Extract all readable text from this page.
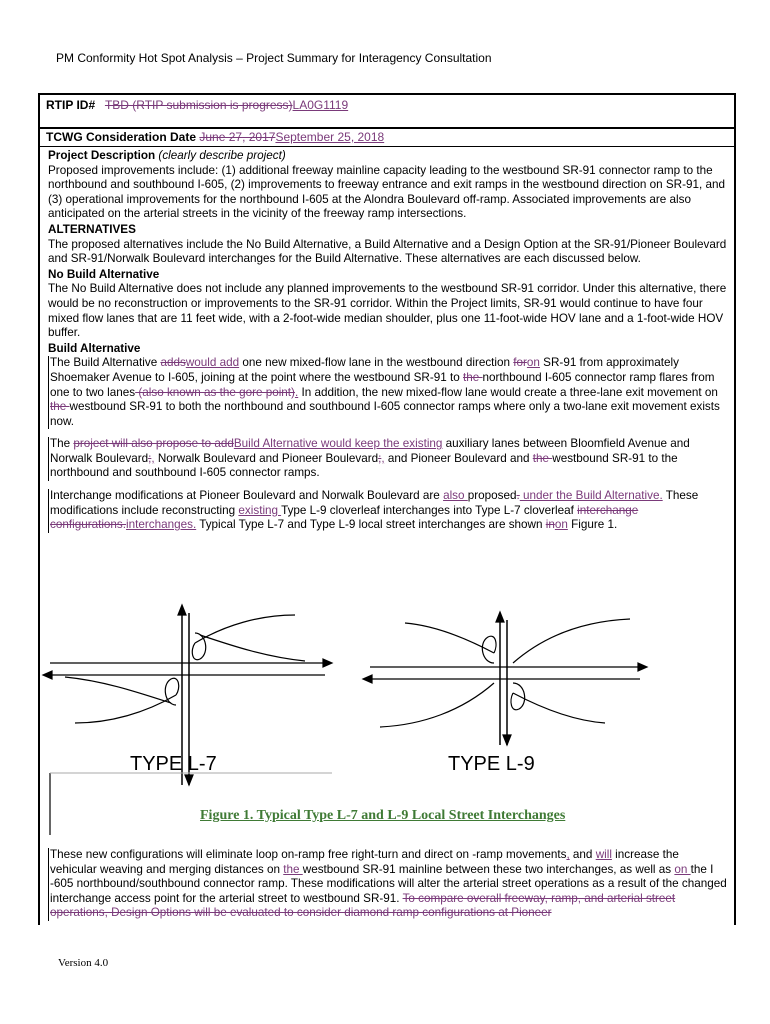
PM Conformity Hot Spot Analysis – Project Summary for Interagency Consultation
RTIP ID# TBD (RTIP submission is progress)LA0G1119
TCWG Consideration Date June 27, 2017September 25, 2018

Project Description (clearly describe project)

Proposed improvements include: (1) additional freeway mainline capacity leading to the westbound SR-91 connector ramp to the northbound and southbound I-605, (2) improvements to freeway entrance and exit ramps in the westbound direction on SR-91, and (3) operational improvements for the northbound I-605 at the Alondra Boulevard off-ramp. Associated improvements are also anticipated on the arterial streets in the vicinity of the freeway ramp intersections.

ALTERNATIVES

The proposed alternatives include the No Build Alternative, a Build Alternative and a Design Option at the SR-91/Pioneer Boulevard and SR-91/Norwalk Boulevard interchanges for the Build Alternative. These alternatives are each discussed below.

No Build Alternative

The No Build Alternative does not include any planned improvements to the westbound SR-91 corridor. Under this alternative, there would be no reconstruction or improvements to the SR-91 corridor. Within the Project limits, SR-91 would continue to have four mixed flow lanes that are 11 feet wide, with a 2-foot-wide median shoulder, plus one 11-foot-wide HOV lane and a 1-foot-wide HOV buffer.

Build Alternative

The Build Alternative addswould add one new mixed-flow lane in the westbound direction foron SR-91 from approximately Shoemaker Avenue to I-605, joining at the point where the westbound SR-91 to the northbound I-605 connector ramp flares from one to two lanes (also known as the gore point). In addition, the new mixed-flow lane would create a three-lane exit movement on the westbound SR-91 to both the northbound and southbound I-605 connector ramps where only a two-lane exit movement exists now.

The project will also propose to addBuild Alternative would keep the existing auxiliary lanes between Bloomfield Avenue and Norwalk Boulevard;, Norwalk Boulevard and Pioneer Boulevard;, and Pioneer Boulevard and the westbound SR-91 to the northbound and southbound I-605 connector ramps.

Interchange modifications at Pioneer Boulevard and Norwalk Boulevard are also proposed. under the Build Alternative. These modifications include reconstructing existing Type L-9 cloverleaf interchanges into Type L-7 cloverleaf interchange configurations.interchanges. Typical Type L-7 and Type L-9 local street interchanges are shown inon Figure 1.

TYPE L-7	TYPE L-9
Figure 1. Typical Type L-7 and L-9 Local Street Interchanges

These new configurations will eliminate loop on-ramp free right-turn and direct on -ramp movements, and will increase the vehicular weaving and merging distances on the westbound SR-91 mainline between these two interchanges, as well as on the I -605 northbound/southbound connector ramp. These modifications will alter the arterial street operations as a result of the changed interchange access point for the arterial street to westbound SR-91. To compare overall freeway, ramp, and arterial street operations, Design Options will be evaluated to consider diamond ramp configurations at Pioneer

Version 4.0
